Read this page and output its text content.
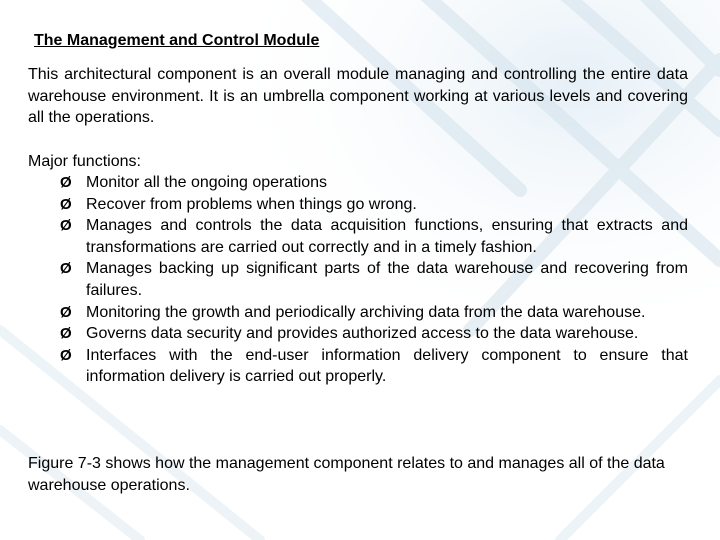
The Management and Control Module

This architectural component is an overall module managing and controlling the entire data warehouse environment. It is an umbrella component working at various levels and covering all the operations.

Major functions:

Ø Monitor all the ongoing operations
Ø Recover from problems when things go wrong.
Ø Manages and controls the data acquisition functions, ensuring that extracts and transformations are carried out correctly and in a timely fashion.
Ø Manages backing up significant parts of the data warehouse and recovering from failures.
Ø Monitoring the growth and periodically archiving data from the data warehouse.
Ø Governs data security and provides authorized access to the data warehouse.
Ø Interfaces with the end-user information delivery component to ensure that information delivery is carried out properly.

Figure 7-3 shows how the management component relates to and manages all of the data warehouse operations.
